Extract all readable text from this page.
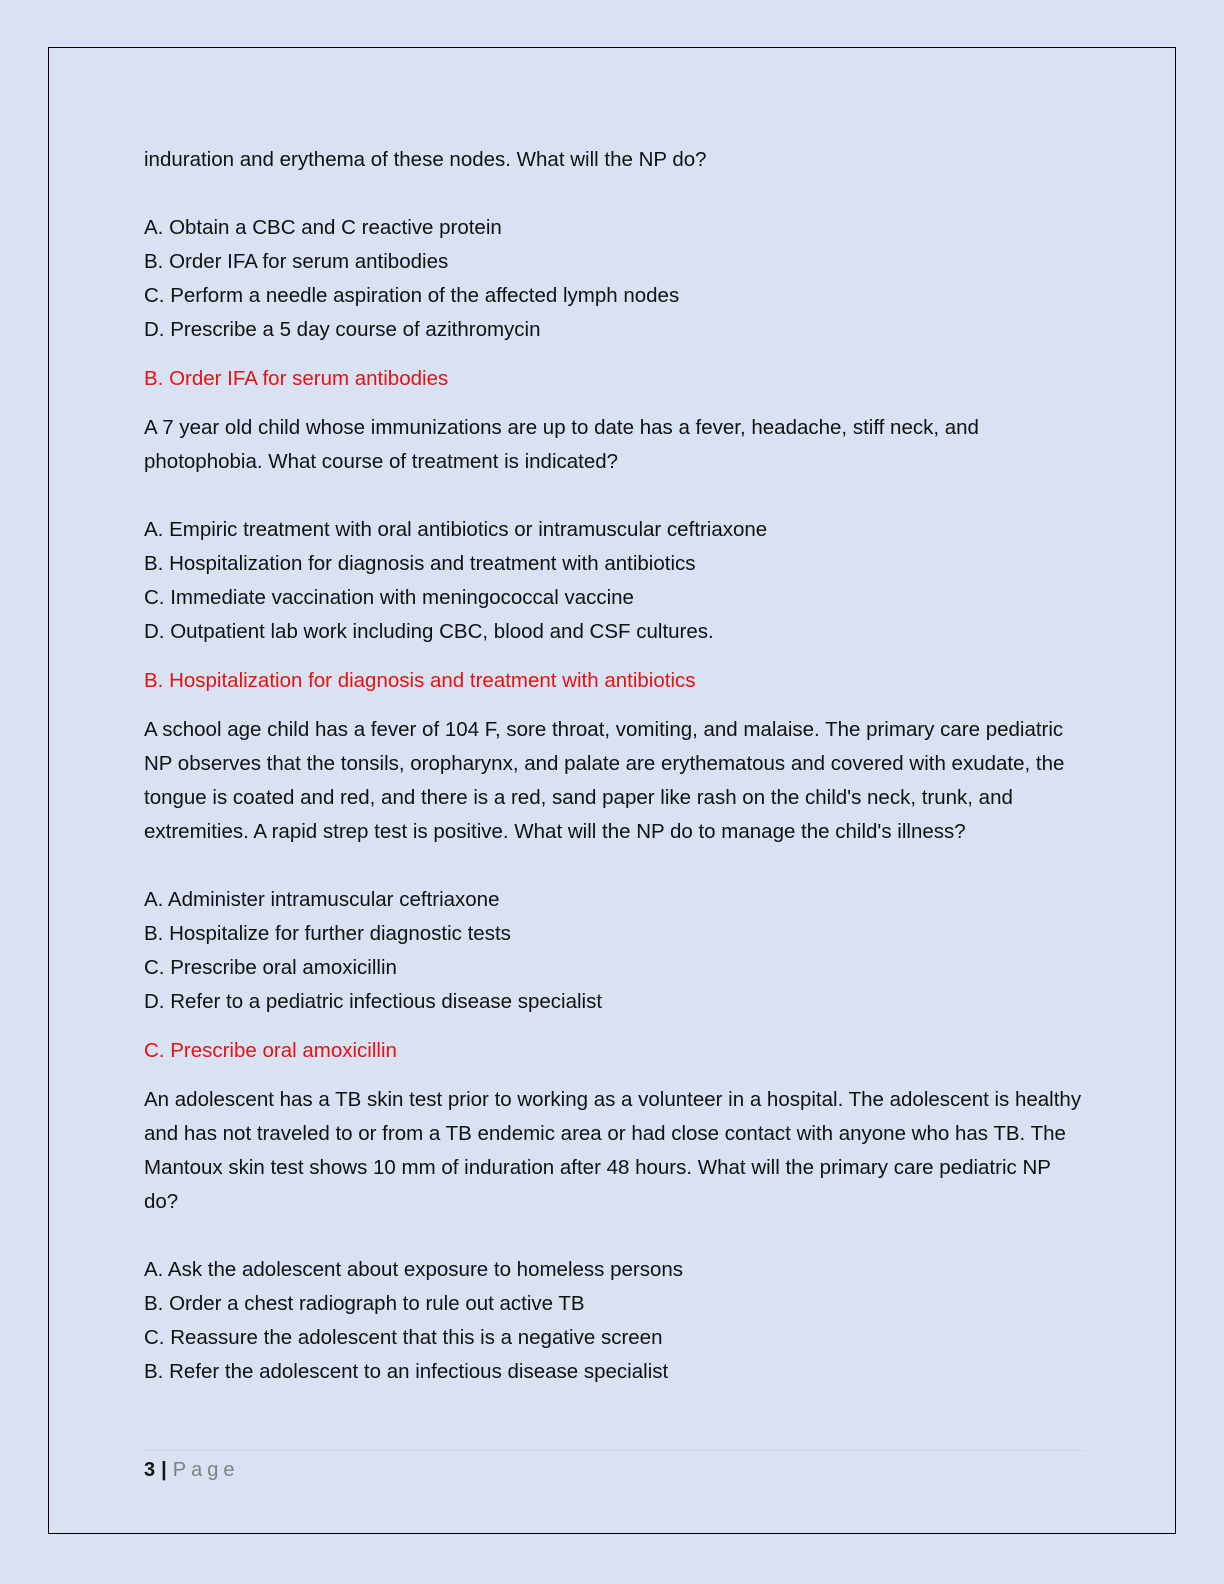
induration and erythema of these nodes. What will the NP do?

A. Obtain a CBC and C reactive protein

B. Order IFA for serum antibodies

C. Perform a needle aspiration of the affected lymph nodes

D. Prescribe a 5 day course of azithromycin

B. Order IFA for serum antibodies

A 7 year old child whose immunizations are up to date has a fever, headache, stiff neck, and photophobia. What course of treatment is indicated?

A. Empiric treatment with oral antibiotics or intramuscular ceftriaxone

B. Hospitalization for diagnosis and treatment with antibiotics

C. Immediate vaccination with meningococcal vaccine

D. Outpatient lab work including CBC, blood and CSF cultures.

B. Hospitalization for diagnosis and treatment with antibiotics

A school age child has a fever of 104 F, sore throat, vomiting, and malaise. The primary care pediatric NP observes that the tonsils, oropharynx, and palate are erythematous and covered with exudate, the tongue is coated and red, and there is a red, sand paper like rash on the child's neck, trunk, and extremities. A rapid strep test is positive. What will the NP do to manage the child's illness?

A. Administer intramuscular ceftriaxone

B. Hospitalize for further diagnostic tests

C. Prescribe oral amoxicillin

D. Refer to a pediatric infectious disease specialist

C. Prescribe oral amoxicillin

An adolescent has a TB skin test prior to working as a volunteer in a hospital. The adolescent is healthy and has not traveled to or from a TB endemic area or had close contact with anyone who has TB. The Mantoux skin test shows 10 mm of induration after 48 hours. What will the primary care pediatric NP do?

A. Ask the adolescent about exposure to homeless persons

B. Order a chest radiograph to rule out active TB

C. Reassure the adolescent that this is a negative screen

B. Refer the adolescent to an infectious disease specialist

3 | Page
